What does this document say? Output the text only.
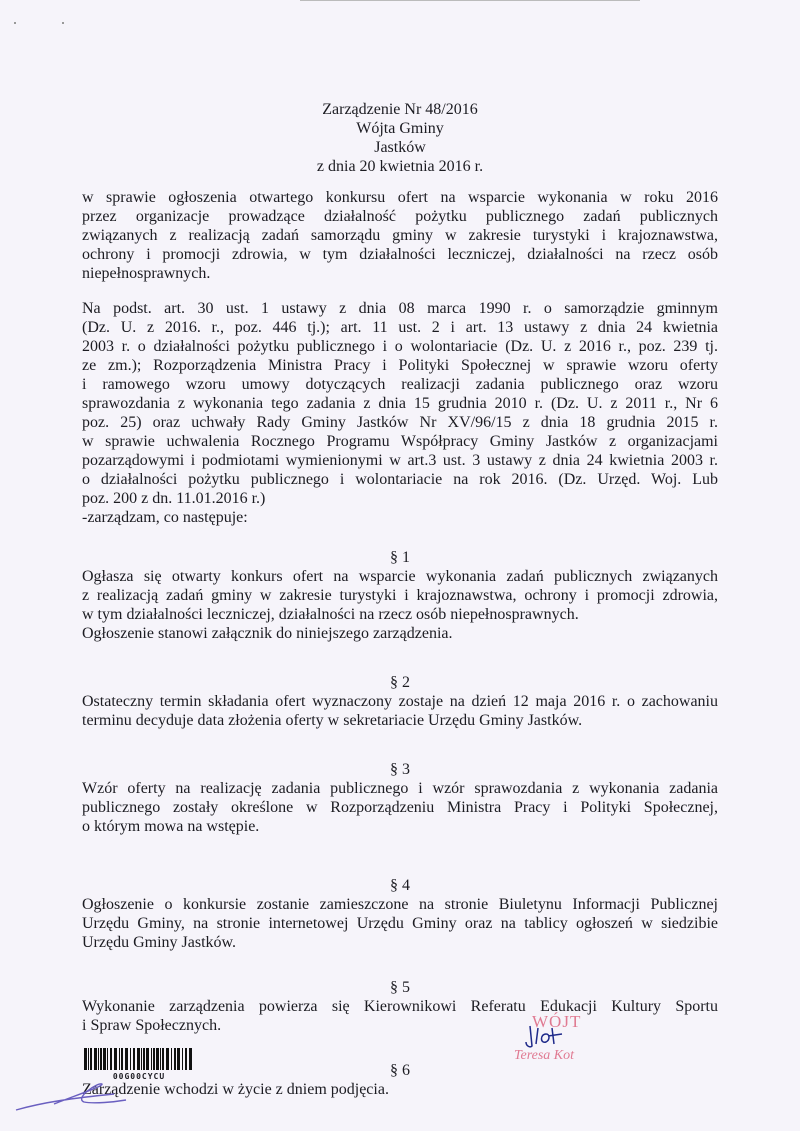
Zarządzenie Nr 48/2016
Wójta Gminy
Jastków
z dnia 20 kwietnia 2016 r.
w sprawie ogłoszenia otwartego konkursu ofert na wsparcie wykonania w roku 2016
przez organizacje prowadzące działalność pożytku publicznego zadań publicznych
związanych z realizacją zadań samorządu gminy w zakresie turystyki i krajoznawstwa,
ochrony i promocji zdrowia, w tym działalności leczniczej, działalności na rzecz osób
niepełnosprawnych.
Na podst. art. 30 ust. 1 ustawy z dnia 08 marca 1990 r. o samorządzie gminnym
(Dz. U. z 2016. r., poz. 446 tj.); art. 11 ust. 2 i art. 13 ustawy z dnia 24 kwietnia
2003 r. o działalności pożytku publicznego i o wolontariacie (Dz. U. z 2016 r., poz. 239 tj.
ze zm.); Rozporządzenia Ministra Pracy i Polityki Społecznej w sprawie wzoru oferty
i ramowego wzoru umowy dotyczących realizacji zadania publicznego oraz wzoru
sprawozdania z wykonania tego zadania z dnia 15 grudnia 2010 r. (Dz. U. z 2011 r., Nr 6
poz. 25) oraz uchwały Rady Gminy Jastków Nr XV/96/15 z dnia 18 grudnia 2015 r.
w sprawie uchwalenia Rocznego Programu Współpracy Gminy Jastków z organizacjami
pozarządowymi i podmiotami wymienionymi w art.3 ust. 3 ustawy z dnia 24 kwietnia 2003 r.
o działalności pożytku publicznego i wolontariacie na rok 2016. (Dz. Urzęd. Woj. Lub
poz. 200 z dn. 11.01.2016 r.)
-zarządzam, co następuje:
§ 1
Ogłasza się otwarty konkurs ofert na wsparcie wykonania zadań publicznych związanych
z realizacją zadań gminy w zakresie turystyki i krajoznawstwa, ochrony i promocji zdrowia,
w tym działalności leczniczej, działalności na rzecz osób niepełnosprawnych.
Ogłoszenie stanowi załącznik do niniejszego zarządzenia.
§ 2
Ostateczny termin składania ofert wyznaczony zostaje na dzień 12 maja 2016 r. o zachowaniu
terminu decyduje data złożenia oferty w sekretariacie Urzędu Gminy Jastków.
§ 3
Wzór oferty na realizację zadania publicznego i wzór sprawozdania z wykonania zadania
publicznego zostały określone w Rozporządzeniu Ministra Pracy i Polityki Społecznej,
o którym mowa na wstępie.
§ 4
Ogłoszenie o konkursie zostanie zamieszczone na stronie Biuletynu Informacji Publicznej
Urzędu Gminy, na stronie internetowej Urzędu Gminy oraz na tablicy ogłoszeń w siedzibie
Urzędu Gminy Jastków.
§ 5
Wykonanie zarządzenia powierza się Kierownikowi Referatu Edukacji Kultury Sportu
i Spraw Społecznych.
§ 6
Zarządzenie wchodzi w życie z dniem podjęcia.
00G00CYCU
WÓJT
Teresa Kot
